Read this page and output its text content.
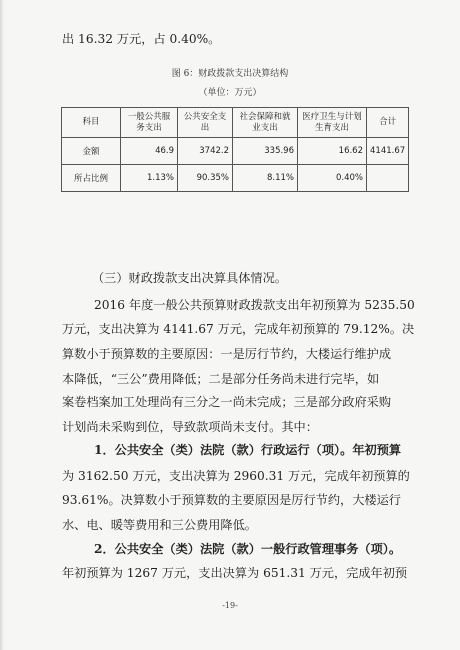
出 16.32 万元，占 0.40%。
图 6：财政拨款支出决算结构
（单位：万元）
科目	一般公共服务支出	公共安全支出	社会保障和就业支出	医疗卫生与计划生育支出	合计
金额	46.9	3742.2	335.96	16.62	4141.67
所占比例	1.13%	90.35%	8.11%	0.40%	
（三）财政拨款支出决算具体情况。
2016 年度一般公共预算财政拨款支出年初预算为 5235.50
万元，支出决算为 4141.67 万元，完成年初预算的 79.12%。决
算数小于预算数的主要原因：一是厉行节约，大楼运行维护成
本降低，“三公”费用降低；二是部分任务尚未进行完毕，如
案卷档案加工处理尚有三分之一尚未完成；三是部分政府采购
计划尚未采购到位，导致款项尚未支付。其中：
1．公共安全（类）法院（款）行政运行（项）。年初预算
为 3162.50 万元，支出决算为 2960.31 万元，完成年初预算的
93.61%。决算数小于预算数的主要原因是厉行节约，大楼运行
水、电、暖等费用和三公费用降低。
2．公共安全（类）法院（款）一般行政管理事务（项）。
年初预算为 1267 万元，支出决算为 651.31 万元，完成年初预
-19-
